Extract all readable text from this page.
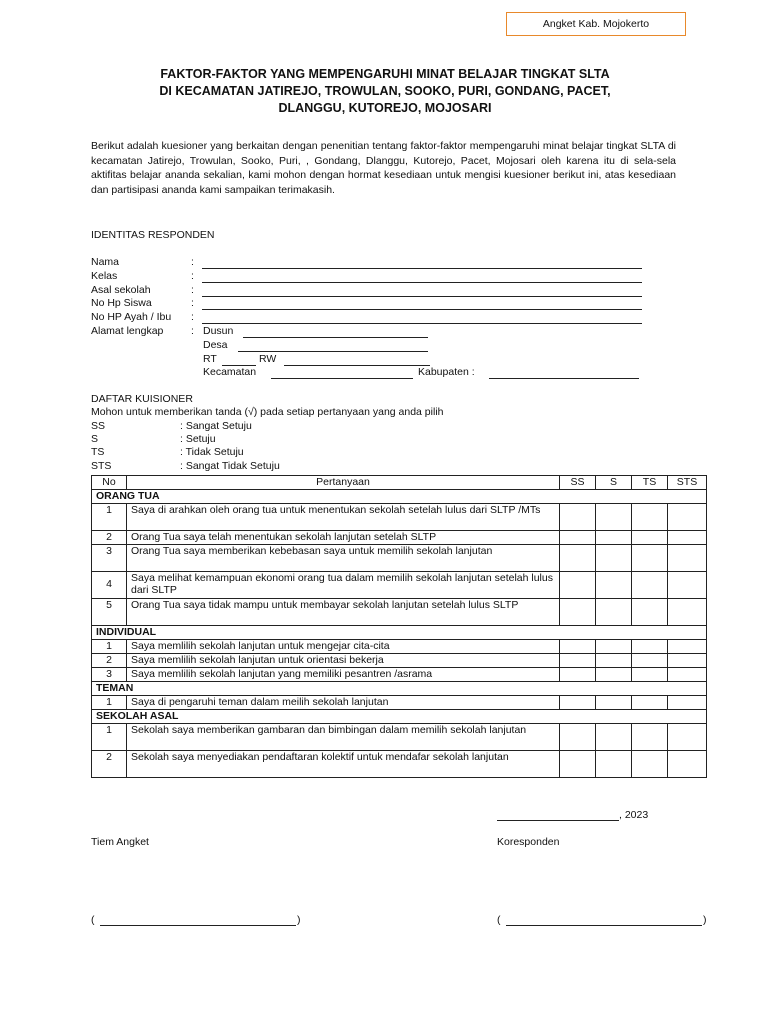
Angket Kab. Mojokerto
FAKTOR-FAKTOR YANG MEMPENGARUHI MINAT BELAJAR TINGKAT SLTA
DI KECAMATAN JATIREJO, TROWULAN, SOOKO, PURI, GONDANG, PACET,
DLANGGU, KUTOREJO, MOJOSARI
Berikut adalah kuesioner yang berkaitan dengan penenitian tentang faktor-faktor mempengaruhi minat belajar tingkat SLTA di kecamatan Jatirejo, Trowulan, Sooko, Puri, , Gondang, Dlanggu, Kutorejo, Pacet, Mojosari oleh karena itu di sela-sela aktifitas belajar ananda sekalian, kami mohon dengan hormat kesediaan untuk mengisi kuesioner berikut ini, atas kesediaan dan partisipasi ananda kami sampaikan terimakasih.
IDENTITAS RESPONDEN
Nama	:
Kelas	:
Asal sekolah	:
No Hp Siswa	:
No HP Ayah / Ibu :
Alamat lengkap	: Dusun
Desa
RT	RW
Kecamatan	Kabupaten :
DAFTAR KUISIONER
Mohon untuk memberikan tanda (√) pada setiap pertanyaan yang anda pilih
SS	: Sangat Setuju
S	: Setuju
TS	: Tidak Setuju
STS	: Sangat Tidak Setuju
No	Pertanyaan	SS	S	TS	STS
ORANG TUA					
1	Saya di arahkan oleh orang tua untuk menentukan sekolah setelah lulus dari SLTP /MTs				
2	Orang Tua saya telah menentukan sekolah lanjutan setelah SLTP				
3	Orang Tua saya memberikan kebebasan saya untuk memilih sekolah lanjutan				
4	Saya melihat kemampuan ekonomi orang tua dalam memilih sekolah lanjutan setelah lulus dari SLTP				
5	Orang Tua saya tidak mampu untuk membayar sekolah lanjutan setelah lulus SLTP				
INDIVIDUAL					
1	Saya memlilih sekolah lanjutan untuk mengejar cita-cita				
2	Saya memlilih sekolah lanjutan untuk orientasi bekerja				
3	Saya memlilih sekolah lanjutan yang memiliki pesantren /asrama				
TEMAN					
1	Saya di pengaruhi teman dalam meilih sekolah lanjutan				
SEKOLAH ASAL					
1	Sekolah saya memberikan gambaran dan bimbingan dalam memilih sekolah lanjutan				
2	Sekolah saya menyediakan pendaftaran kolektif untuk mendafar sekolah lanjutan				
, 2023
Tiem Angket	Koresponden
(	)	(	)
